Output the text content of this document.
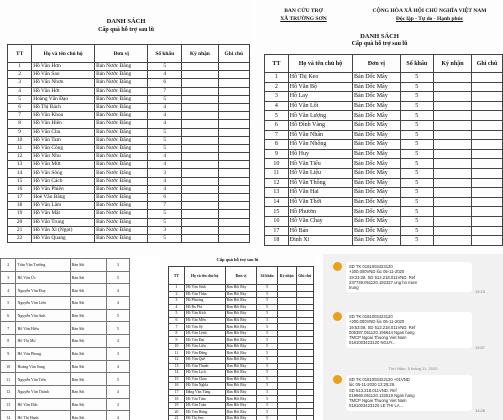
DANH SÁCH
Cấp quà hỗ trợ sau lũ
TT	Họ và tên chủ hộ	Đơn vị	Số khẩu	Ký nhận	Ghi chú
1	Hồ Văn Hơn	Bản Nước Đắng	5		
2	Hồ Văn Sao	Bản Nước Đắng	4		
3	Hồ Văn Nhơn	Bản Nước Đắng	6		
4	Hồ Văn Hớt	Bản Nước Đắng	7		
5	Hoàng Văn Đạo	Bản Nước Đắng	5		
6	Hồ Thị Bách	Bản Nước Đắng	4		
7	Hồ Văn Khoa	Bản Nước Đắng	4		
8	Hồ Văn Hiên	Bản Nước Đắng	4		
9	Hồ Văn Chu	Bản Nước Đắng	5		
10	Hồ Văn Tam	Bản Nước Đắng	5		
11	Hồ Văn Công	Bản Nước Đắng	5		
12	Hồ Văn Nhu	Bản Nước Đắng	4		
13	Hồ Văn Mừt	Bản Nước Đắng	4		
14	Hồ Văn Sông	Bản Nước Đắng	3		
15	Hồ Văn Cách	Bản Nước Đắng	4		
16	Hồ Văn Phiên	Bản Nước Đắng	4		
17	Hoè Văn Băng	Bản Nước Đắng	6		
18	Hồ Văn Lâm	Bản Nước Đắng	7		
19	Hồ Văn Mật	Bản Nước Đắng	5		
20	Hồ Văn Trung	Bản Nước Đắng	5		
21	Hồ Văn Xi (Ngọt)	Bản Nước Đắng	3		
22	Hồ Văn Quang	Bản Nước Đắng	5		
BAN CỨU TRỢ
XÃ TRƯỜNG SƠN
CỘNG HÒA XÃ HỘI CHỦ NGHĨA VIỆT NAM
Độc lập - Tự do - Hạnh phúc
DANH SÁCH
Cấp quà hỗ trợ sau lũ
TT	Họ và tên chủ hộ	Đơn vị	Số khẩu	Ký nhận	Ghi chú
1	Hồ Thị Keo	Bản Dốc Mây	5		
2	Hồ Văn Bộ	Bản Dốc Mây	5		
3	Hồ Lay	Bản Dốc Mây	5		
4	Hồ Văn Lốt	Bản Dốc Mây	5		
5	Hồ Văn Lượng	Bản Dốc Mây	5		
6	Hồ Đình Vàng	Bản Dốc Mây	5		
7	Hồ Văn Nhân	Bản Dốc Mây	5		
8	Hồ Văn Nhông	Bản Dốc Mây	5		
9	Hồ Huy	Bản Dốc Mây	5		
10	Hồ Văn Tiếu	Bản Dốc Mây	5		
11	Hồ Văn Liệu	Bản Dốc Mây	5		
12	Hồ Văn Thông	Bản Dốc Mây	5		
13	Hồ Văn Hai	Bản Dốc Mây	5		
14	Hồ Văn Thời	Bản Dốc Mây	5		
15	Hồ Phươm	Bản Dốc Mây	5		
16	Hồ Văn Chay	Bản Dốc Mây	5		
17	Hồ Bản	Bản Dốc Mây	5		
18	Đinh Xi	Bản Dốc Mây	5		
2	Trần Văn Trường	Bản Sắt	3
3	Hồ Văn Ức	Bản Sắt	5
4	Nguyễn Văn Đoạ	Bản Sắt	4
5	Nguyễn Văn Liên	Bản Sắt	4
6	Nguyễn Văn Anh	Bản Sắt	5
7	Hồ Văn Hiếu	Bản Sắt	5
8	Hồ Thị Mơ	Bản Sắt	4
9	Hồ Văn Phong	Bản Sắt	3
10	Hoàng Văn Sang	Bản Sắt	4
11	Nguyễn Văn Tiến	Bản Sắt	5
12	Nguyễn Văn Thành	Bản Sắt	4
13	Hồ Văn Đức	Bản Sắt	3
14	Hồ Thị Hạnh	Bản Sắt	4
Cấp quà hỗ trợ sau lũ
TT	Họ và tên chủ hộ	Đơn vị	Số khẩu	Ký nhận	Ghi chú
1	Hồ Văn Sinh	Bản Hôi Rày	5		
2	Hồ Văn Thân	Bản Hôi Rày	5		
3	Hồ Phương	Bản Hôi Rày	5		
4	Hồ Ra Phi	Bản Hôi Rày	5		
5	Hồ Văn Kích	Bản Hôi Rày	5		
6	Hồ Văn Mến	Bản Hôi Rày	5		
7	Hồ Văn Sỹ	Bản Hôi Rày	5		
8	Hồ Văn Lệnh	Bản Hôi Rày	5		
9	Hồ Văn Đại	Bản Hôi Rày	5		
10	Hồ Văn Liêu	Bản Hôi Rày	5		
11	Hồ Văn Đâng	Bản Hôi Rày	5		
12	Hồ Văn Quế	Bản Hôi Rày	5		
13	Hồ Văn Thanh	Bản Hôi Rày	5		
14	Hồ Văn Lịch	Bản Hôi Rày	5		
15	Hồ Văn Chảo	Bản Hôi Rày	5		
16	Hồ Văn Nghĩa	Bản Hôi Rày	5		
17	Đặng Văn Tùng	Bản Hôi Rày	5		
18	Hồ Văn Tâm	Bản Hôi Rày	5		
19	Hồ Văn Toàn	Bản Hôi Rày	5		
20	Hồ Văn Hưng	Bản Hôi Rày	5		
21	Hồ Thị Sen	Bản Hôi Rày	5		
SD TK 0181003423120
+200.000VND lúc 05-11-2020
19:23:28. SD 513.218.011VND. Ref
237749.051120.192327.ung ho mien
trung
19:23
SD TK 0181003423120
+200.000VND lúc 05-11-2020
19:53:08. SD 513.218.011VND. Ref
006387.051120.195644 Ngan hang
TMCP Ngoai Thuong Viet Nam
0181003423120 NGUY...
19:57
Thứ Năm, 5 tháng 11, 2020
SD TK 0181003423120 +01VND
lúc 05-11-2020 13:25:29.
SD 513.218.011VND. Ref
019560.051120.132519 Ngan hang
TMCP Ngoai Thuong Viet Nam
0181003423120 LE THI LA...
13:26
